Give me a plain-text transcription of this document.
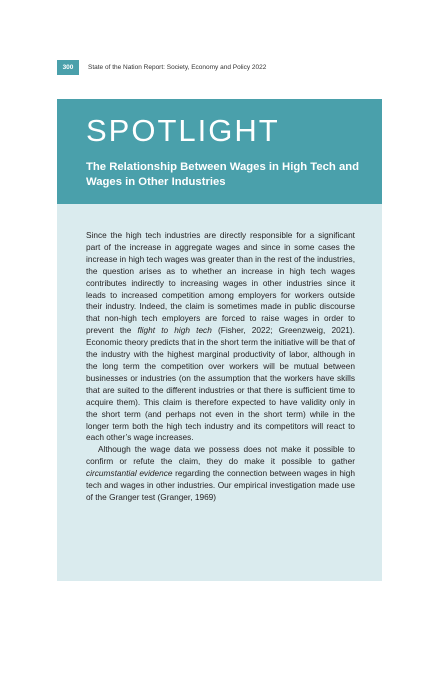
300	State of the Nation Report: Society, Economy and Policy 2022
SPOTLIGHT
The Relationship Between Wages in High Tech and Wages in Other Industries

Since the high tech industries are directly responsible for a significant part of the increase in aggregate wages and since in some cases the increase in high tech wages was greater than in the rest of the industries, the question arises as to whether an increase in high tech wages contributes indirectly to increasing wages in other industries since it leads to increased competition among employers for workers outside their industry. Indeed, the claim is sometimes made in public discourse that non-high tech employers are forced to raise wages in order to prevent the flight to high tech (Fisher, 2022; Greenzweig, 2021). Economic theory predicts that in the short term the initiative will be that of the industry with the highest marginal productivity of labor, although in the long term the competition over workers will be mutual between businesses or industries (on the assumption that the workers have skills that are suited to the different industries or that there is sufficient time to acquire them). This claim is therefore expected to have validity only in the short term (and perhaps not even in the short term) while in the longer term both the high tech industry and its competitors will react to each other’s wage increases.

Although the wage data we possess does not make it possible to confirm or refute the claim, they do make it possible to gather circumstantial evidence regarding the connection between wages in high tech and wages in other industries. Our empirical investigation made use of the Granger test (Granger, 1969)
